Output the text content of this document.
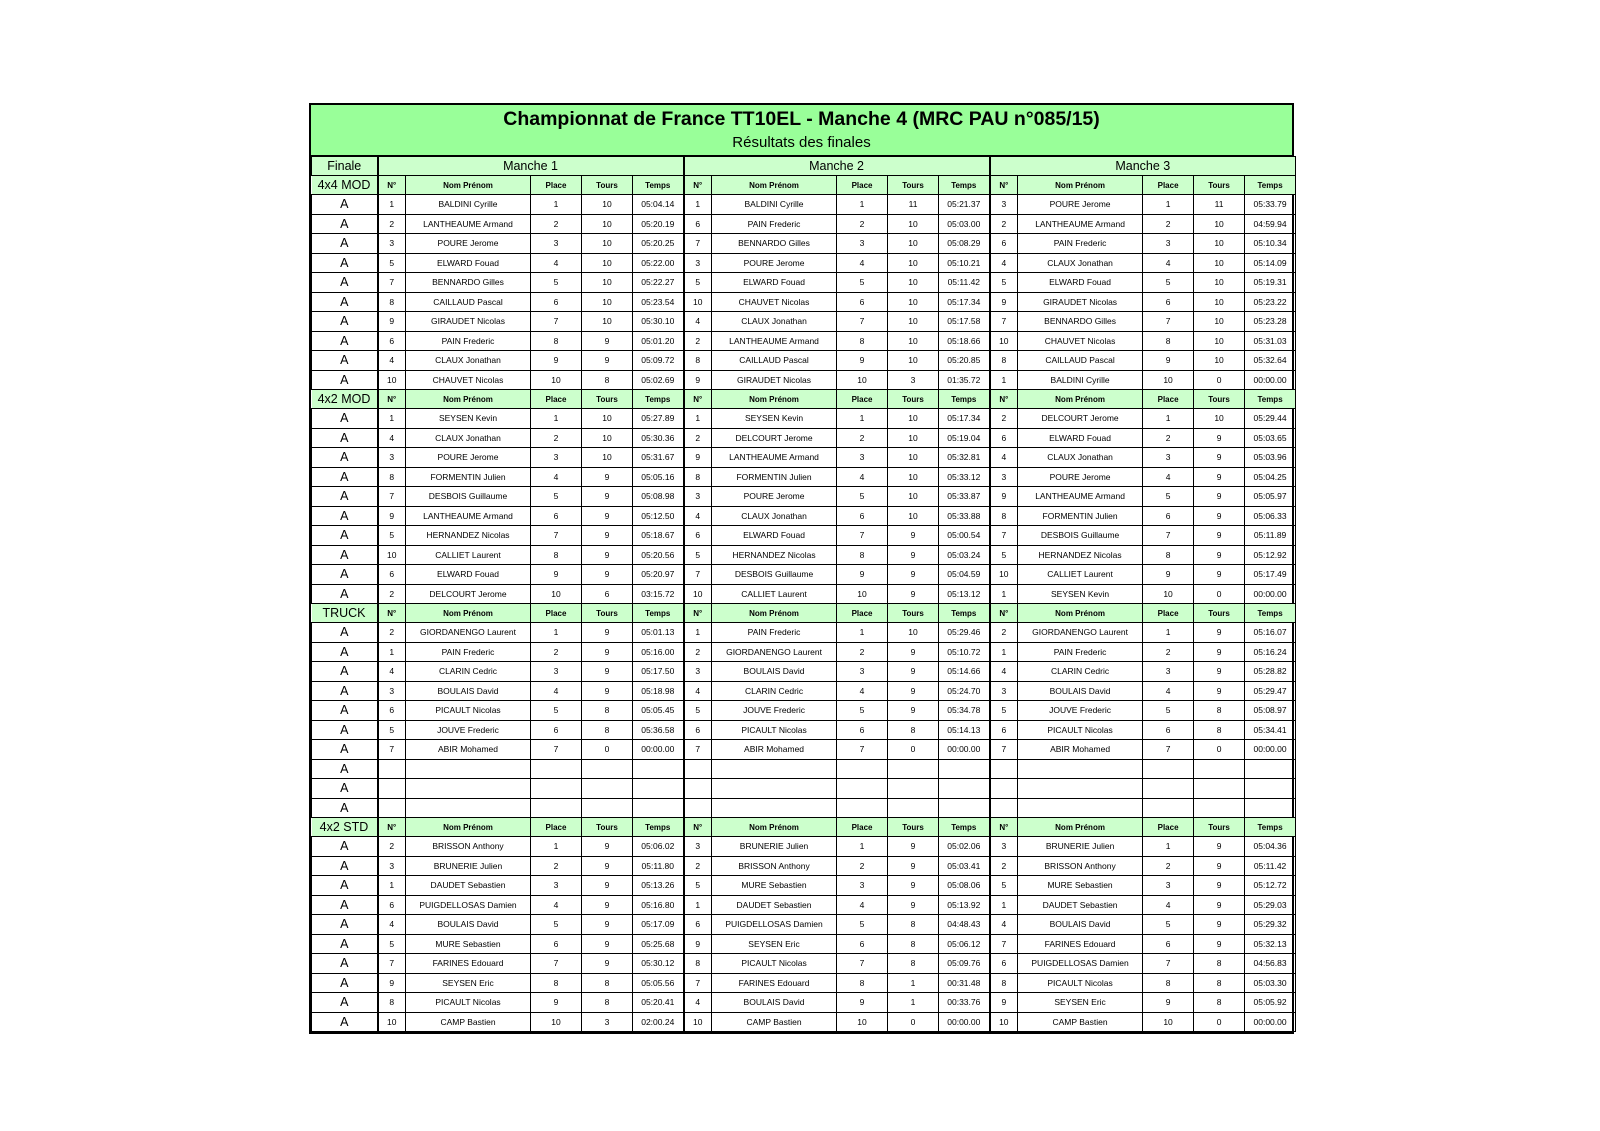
Championnat de France TT10EL - Manche 4 (MRC PAU n°085/15)
Résultats des finales
Finale	Manche 1					Manche 2					Manche 3				
4x4 MOD	N°	Nom Prénom	Place	Tours	Temps	N°	Nom Prénom	Place	Tours	Temps	N°	Nom Prénom	Place	Tours	Temps
A	1	BALDINI Cyrille	1	10	05:04.14	1	BALDINI Cyrille	1	11	05:21.37	3	POURE Jerome	1	11	05:33.79
A	2	LANTHEAUME Armand	2	10	05:20.19	6	PAIN Frederic	2	10	05:03.00	2	LANTHEAUME Armand	2	10	04:59.94
A	3	POURE Jerome	3	10	05:20.25	7	BENNARDO Gilles	3	10	05:08.29	6	PAIN Frederic	3	10	05:10.34
A	5	ELWARD Fouad	4	10	05:22.00	3	POURE Jerome	4	10	05:10.21	4	CLAUX Jonathan	4	10	05:14.09
A	7	BENNARDO Gilles	5	10	05:22.27	5	ELWARD Fouad	5	10	05:11.42	5	ELWARD Fouad	5	10	05:19.31
A	8	CAILLAUD Pascal	6	10	05:23.54	10	CHAUVET Nicolas	6	10	05:17.34	9	GIRAUDET Nicolas	6	10	05:23.22
A	9	GIRAUDET Nicolas	7	10	05:30.10	4	CLAUX Jonathan	7	10	05:17.58	7	BENNARDO Gilles	7	10	05:23.28
A	6	PAIN Frederic	8	9	05:01.20	2	LANTHEAUME Armand	8	10	05:18.66	10	CHAUVET Nicolas	8	10	05:31.03
A	4	CLAUX Jonathan	9	9	05:09.72	8	CAILLAUD Pascal	9	10	05:20.85	8	CAILLAUD Pascal	9	10	05:32.64
A	10	CHAUVET Nicolas	10	8	05:02.69	9	GIRAUDET Nicolas	10	3	01:35.72	1	BALDINI Cyrille	10	0	00:00.00
4x2 MOD	N°	Nom Prénom	Place	Tours	Temps	N°	Nom Prénom	Place	Tours	Temps	N°	Nom Prénom	Place	Tours	Temps
A	1	SEYSEN Kevin	1	10	05:27.89	1	SEYSEN Kevin	1	10	05:17.34	2	DELCOURT Jerome	1	10	05:29.44
A	4	CLAUX Jonathan	2	10	05:30.36	2	DELCOURT Jerome	2	10	05:19.04	6	ELWARD Fouad	2	9	05:03.65
A	3	POURE Jerome	3	10	05:31.67	9	LANTHEAUME Armand	3	10	05:32.81	4	CLAUX Jonathan	3	9	05:03.96
A	8	FORMENTIN Julien	4	9	05:05.16	8	FORMENTIN Julien	4	10	05:33.12	3	POURE Jerome	4	9	05:04.25
A	7	DESBOIS Guillaume	5	9	05:08.98	3	POURE Jerome	5	10	05:33.87	9	LANTHEAUME Armand	5	9	05:05.97
A	9	LANTHEAUME Armand	6	9	05:12.50	4	CLAUX Jonathan	6	10	05:33.88	8	FORMENTIN Julien	6	9	05:06.33
A	5	HERNANDEZ Nicolas	7	9	05:18.67	6	ELWARD Fouad	7	9	05:00.54	7	DESBOIS Guillaume	7	9	05:11.89
A	10	CALLIET Laurent	8	9	05:20.56	5	HERNANDEZ Nicolas	8	9	05:03.24	5	HERNANDEZ Nicolas	8	9	05:12.92
A	6	ELWARD Fouad	9	9	05:20.97	7	DESBOIS Guillaume	9	9	05:04.59	10	CALLIET Laurent	9	9	05:17.49
A	2	DELCOURT Jerome	10	6	03:15.72	10	CALLIET Laurent	10	9	05:13.12	1	SEYSEN Kevin	10	0	00:00.00
TRUCK	N°	Nom Prénom	Place	Tours	Temps	N°	Nom Prénom	Place	Tours	Temps	N°	Nom Prénom	Place	Tours	Temps
A	2	GIORDANENGO Laurent	1	9	05:01.13	1	PAIN Frederic	1	10	05:29.46	2	GIORDANENGO Laurent	1	9	05:16.07
A	1	PAIN Frederic	2	9	05:16.00	2	GIORDANENGO Laurent	2	9	05:10.72	1	PAIN Frederic	2	9	05:16.24
A	4	CLARIN Cedric	3	9	05:17.50	3	BOULAIS David	3	9	05:14.66	4	CLARIN Cedric	3	9	05:28.82
A	3	BOULAIS David	4	9	05:18.98	4	CLARIN Cedric	4	9	05:24.70	3	BOULAIS David	4	9	05:29.47
A	6	PICAULT Nicolas	5	8	05:05.45	5	JOUVE Frederic	5	9	05:34.78	5	JOUVE Frederic	5	8	05:08.97
A	5	JOUVE Frederic	6	8	05:36.58	6	PICAULT Nicolas	6	8	05:14.13	6	PICAULT Nicolas	6	8	05:34.41
A	7	ABIR Mohamed	7	0	00:00.00	7	ABIR Mohamed	7	0	00:00.00	7	ABIR Mohamed	7	0	00:00.00
A															
A															
A															
4x2 STD	N°	Nom Prénom	Place	Tours	Temps	N°	Nom Prénom	Place	Tours	Temps	N°	Nom Prénom	Place	Tours	Temps
A	2	BRISSON Anthony	1	9	05:06.02	3	BRUNERIE Julien	1	9	05:02.06	3	BRUNERIE Julien	1	9	05:04.36
A	3	BRUNERIE Julien	2	9	05:11.80	2	BRISSON Anthony	2	9	05:03.41	2	BRISSON Anthony	2	9	05:11.42
A	1	DAUDET Sebastien	3	9	05:13.26	5	MURE Sebastien	3	9	05:08.06	5	MURE Sebastien	3	9	05:12.72
A	6	PUIGDELLOSAS Damien	4	9	05:16.80	1	DAUDET Sebastien	4	9	05:13.92	1	DAUDET Sebastien	4	9	05:29.03
A	4	BOULAIS David	5	9	05:17.09	6	PUIGDELLOSAS Damien	5	8	04:48.43	4	BOULAIS David	5	9	05:29.32
A	5	MURE Sebastien	6	9	05:25.68	9	SEYSEN Eric	6	8	05:06.12	7	FARINES Edouard	6	9	05:32.13
A	7	FARINES Edouard	7	9	05:30.12	8	PICAULT Nicolas	7	8	05:09.76	6	PUIGDELLOSAS Damien	7	8	04:56.83
A	9	SEYSEN Eric	8	8	05:05.56	7	FARINES Edouard	8	1	00:31.48	8	PICAULT Nicolas	8	8	05:03.30
A	8	PICAULT Nicolas	9	8	05:20.41	4	BOULAIS David	9	1	00:33.76	9	SEYSEN Eric	9	8	05:05.92
A	10	CAMP Bastien	10	3	02:00.24	10	CAMP Bastien	10	0	00:00.00	10	CAMP Bastien	10	0	00:00.00
